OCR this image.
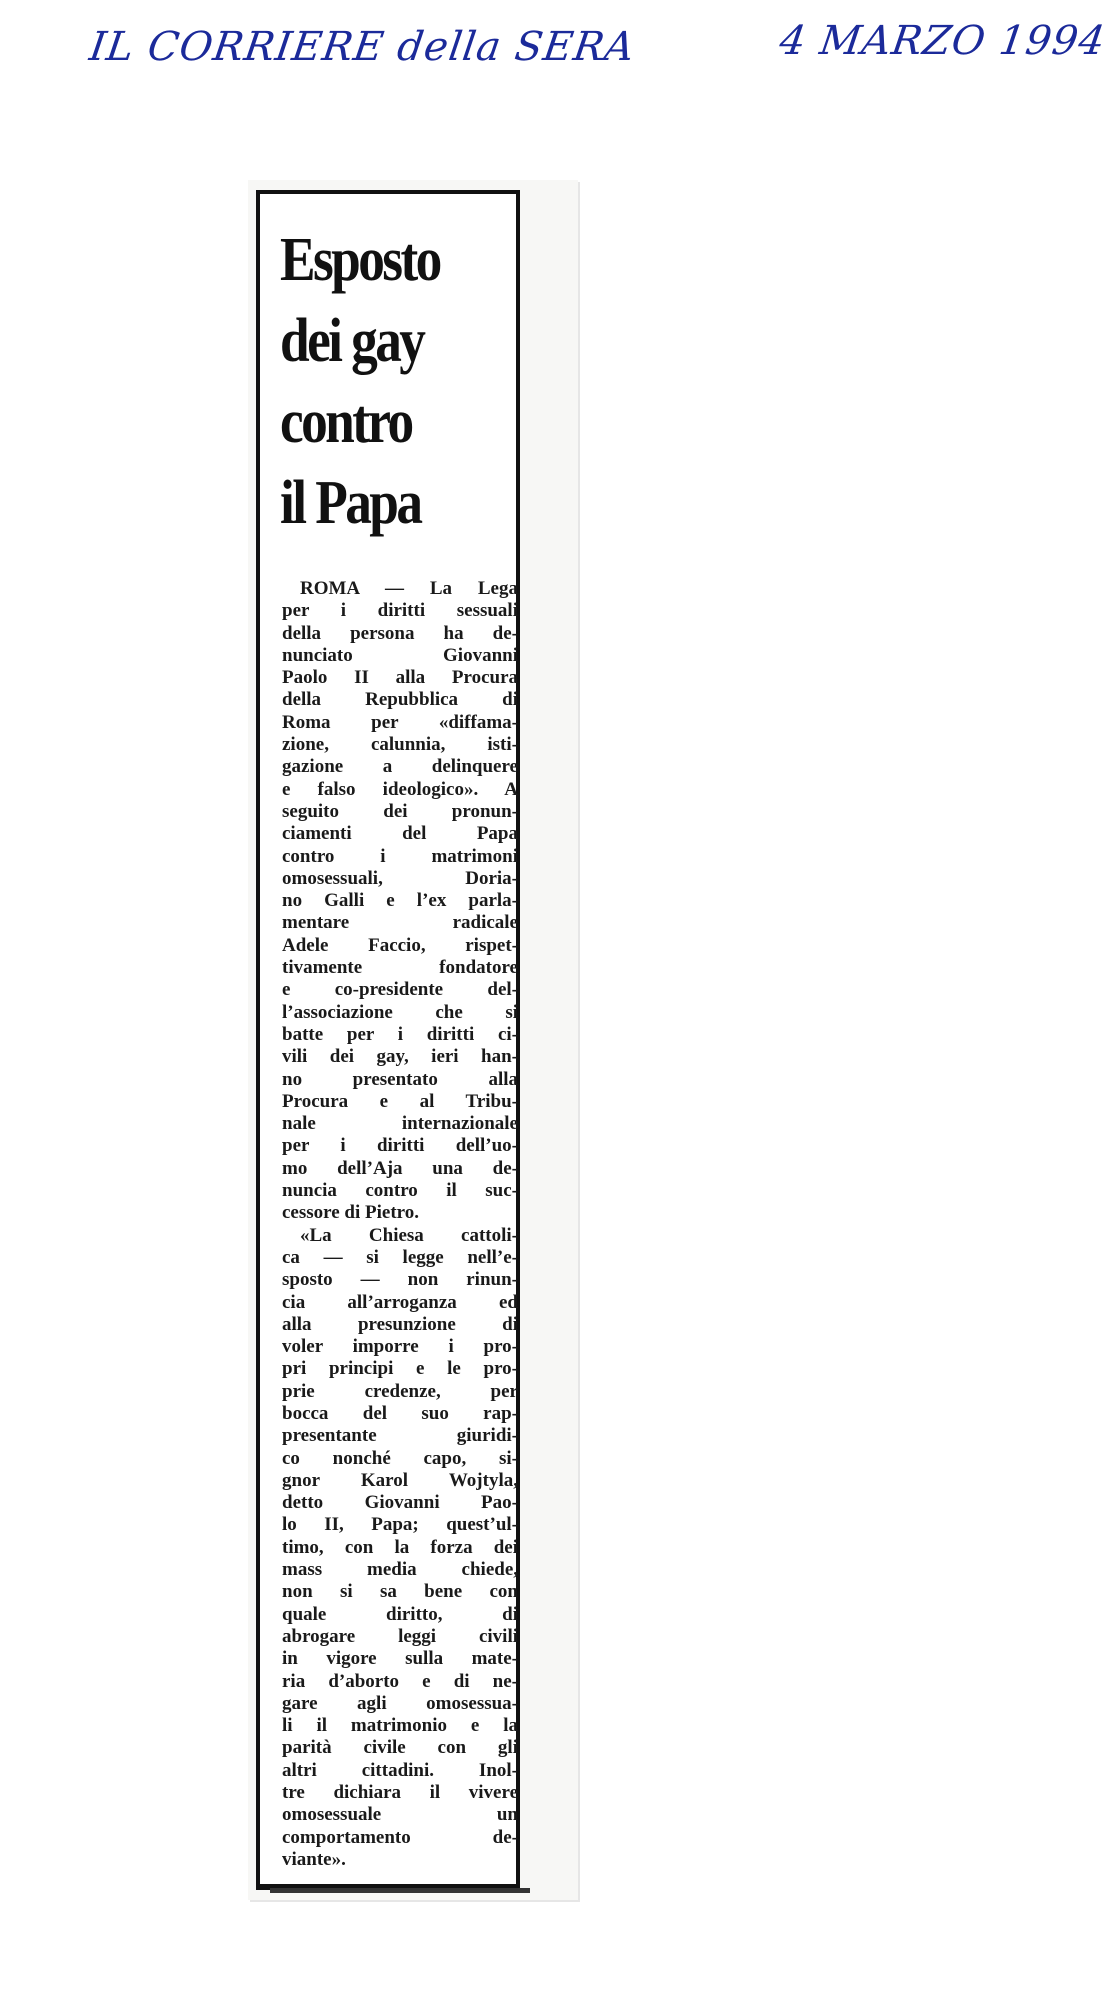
IL CORRIERE della SERA	4 MARZO 1994
Esposto
dei gay
contro
il Papa
ROMA — La Lega
per i diritti sessuali
della persona ha de-
nunciato Giovanni
Paolo II alla Procura
della Repubblica di
Roma per «diffama-
zione, calunnia, isti-
gazione a delinquere
e falso ideologico». A
seguito dei pronun-
ciamenti del Papa
contro i matrimoni
omosessuali, Doria-
no Galli e l’ex parla-
mentare radicale
Adele Faccio, rispet-
tivamente fondatore
e co-presidente del-
l’associazione che si
batte per i diritti ci-
vili dei gay, ieri han-
no presentato alla
Procura e al Tribu-
nale internazionale
per i diritti dell’uo-
mo dell’Aja una de-
nuncia contro il suc-
cessore di Pietro.
«La Chiesa cattoli-
ca — si legge nell’e-
sposto — non rinun-
cia all’arroganza ed
alla presunzione di
voler imporre i pro-
pri principi e le pro-
prie credenze, per
bocca del suo rap-
presentante giuridi-
co nonché capo, si-
gnor Karol Wojtyla,
detto Giovanni Pao-
lo II, Papa; quest’ul-
timo, con la forza dei
mass media chiede,
non si sa bene con
quale diritto, di
abrogare leggi civili
in vigore sulla mate-
ria d’aborto e di ne-
gare agli omosessua-
li il matrimonio e la
parità civile con gli
altri cittadini. Inol-
tre dichiara il vivere
omosessuale un
comportamento de-
viante».
